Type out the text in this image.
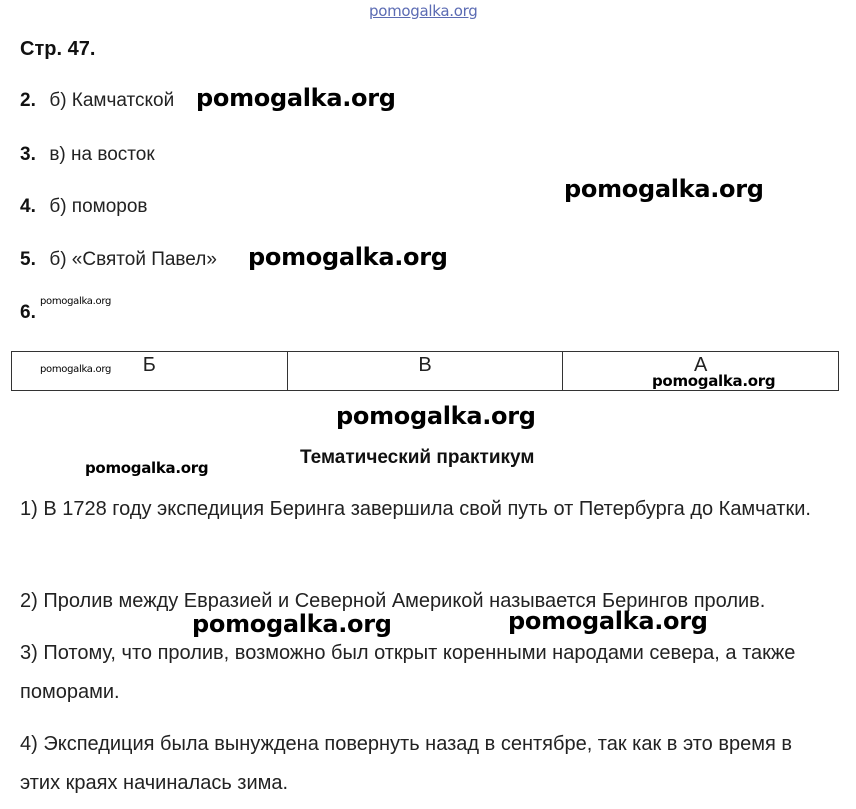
pomogalka.org
Стр. 47.
2. б) Камчатской pomogalka.org
3. в) на восток
pomogalka.org
4. б) поморов
5. б) «Святой Павел» pomogalka.org
6.
pomogalka.org
Б	В	А
pomogalka.org
pomogalka.org
pomogalka.org
Тематический практикум
pomogalka.org
1) В 1728 году экспедиция Беринга завершила свой путь от Петербурга до Камчатки.
2) Пролив между Евразией и Северной Америкой называется Берингов пролив.
pomogalka.org	pomogalka.org
3) Потому, что пролив, возможно был открыт коренными народами севера, а также поморами.
4) Экспедиция была вынуждена повернуть назад в сентябре, так как в это время в этих краях начиналась зима.
